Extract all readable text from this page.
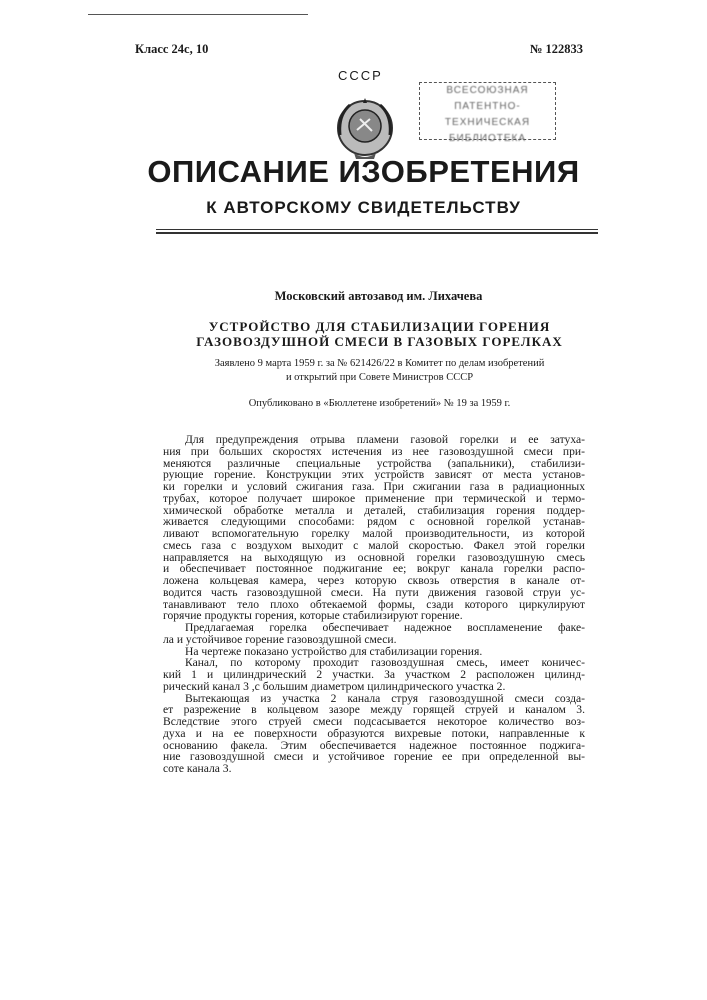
Класс 24с, 10	№ 122833
СССР
ВСЕСОЮЗНАЯ
ПАТЕНТНО-ТЕХНИЧЕСКАЯ
БИБЛИОТЕКА
ОПИСАНИЕ ИЗОБРЕТЕНИЯ
К АВТОРСКОМУ СВИДЕТЕЛЬСТВУ
Московский автозавод им. Лихачева
УСТРОЙСТВО ДЛЯ СТАБИЛИЗАЦИИ ГОРЕНИЯ
ГАЗОВОЗДУШНОЙ СМЕСИ В ГАЗОВЫХ ГОРЕЛКАХ
Заявлено 9 марта 1959 г. за № 621426/22 в Комитет по делам изобретений
и открытий при Совете Министров СССР
Опубликовано в «Бюллетене изобретений» № 19 за 1959 г.
Для предупреждения отрыва пламени газовой горелки и ее затуха-
ния при больших скоростях истечения из нее газовоздушной смеси при-
меняются различные специальные устройства (запальники), стабилизи-
рующие горение. Конструкции этих устройств зависят от места установ-
ки горелки и условий сжигания газа. При сжигании газа в радиационных
трубах, которое получает широкое применение при термической и термо-
химической обработке металла и деталей, стабилизация горения поддер-
живается следующими способами: рядом с основной горелкой устанав-
ливают вспомогательную горелку малой производительности, из которой
смесь газа с воздухом выходит с малой скоростью. Факел этой горелки
направляется на выходящую из основной горелки газовоздушную смесь
и обеспечивает постоянное поджигание ее; вокруг канала горелки распо-
ложена кольцевая камера, через которую сквозь отверстия в канале от-
водится часть газовоздушной смеси. На пути движения газовой струи ус-
танавливают тело плохо обтекаемой формы, сзади которого циркулируют
горячие продукты горения, которые стабилизируют горение.
Предлагаемая горелка обеспечивает надежное воспламенение факе-
ла и устойчивое горение газовоздушной смеси.
На чертеже показано устройство для стабилизации горения.
Канал, по которому проходит газовоздушная смесь, имеет коничес-
кий 1 и цилиндрический 2 участки. За участком 2 расположен цилинд-
рический канал 3 ,с большим диаметром цилиндрического участка 2.
Вытекающая из участка 2 канала струя газовоздушной смеси созда-
ет разрежение в кольцевом зазоре между горящей струей и каналом 3.
Вследствие этого струей смеси подсасывается некоторое количество воз-
духа и на ее поверхности образуются вихревые потоки, направленные к
основанию факела. Этим обеспечивается надежное постоянное поджига-
ние газовоздушной смеси и устойчивое горение ее при определенной вы-
соте канала 3.
